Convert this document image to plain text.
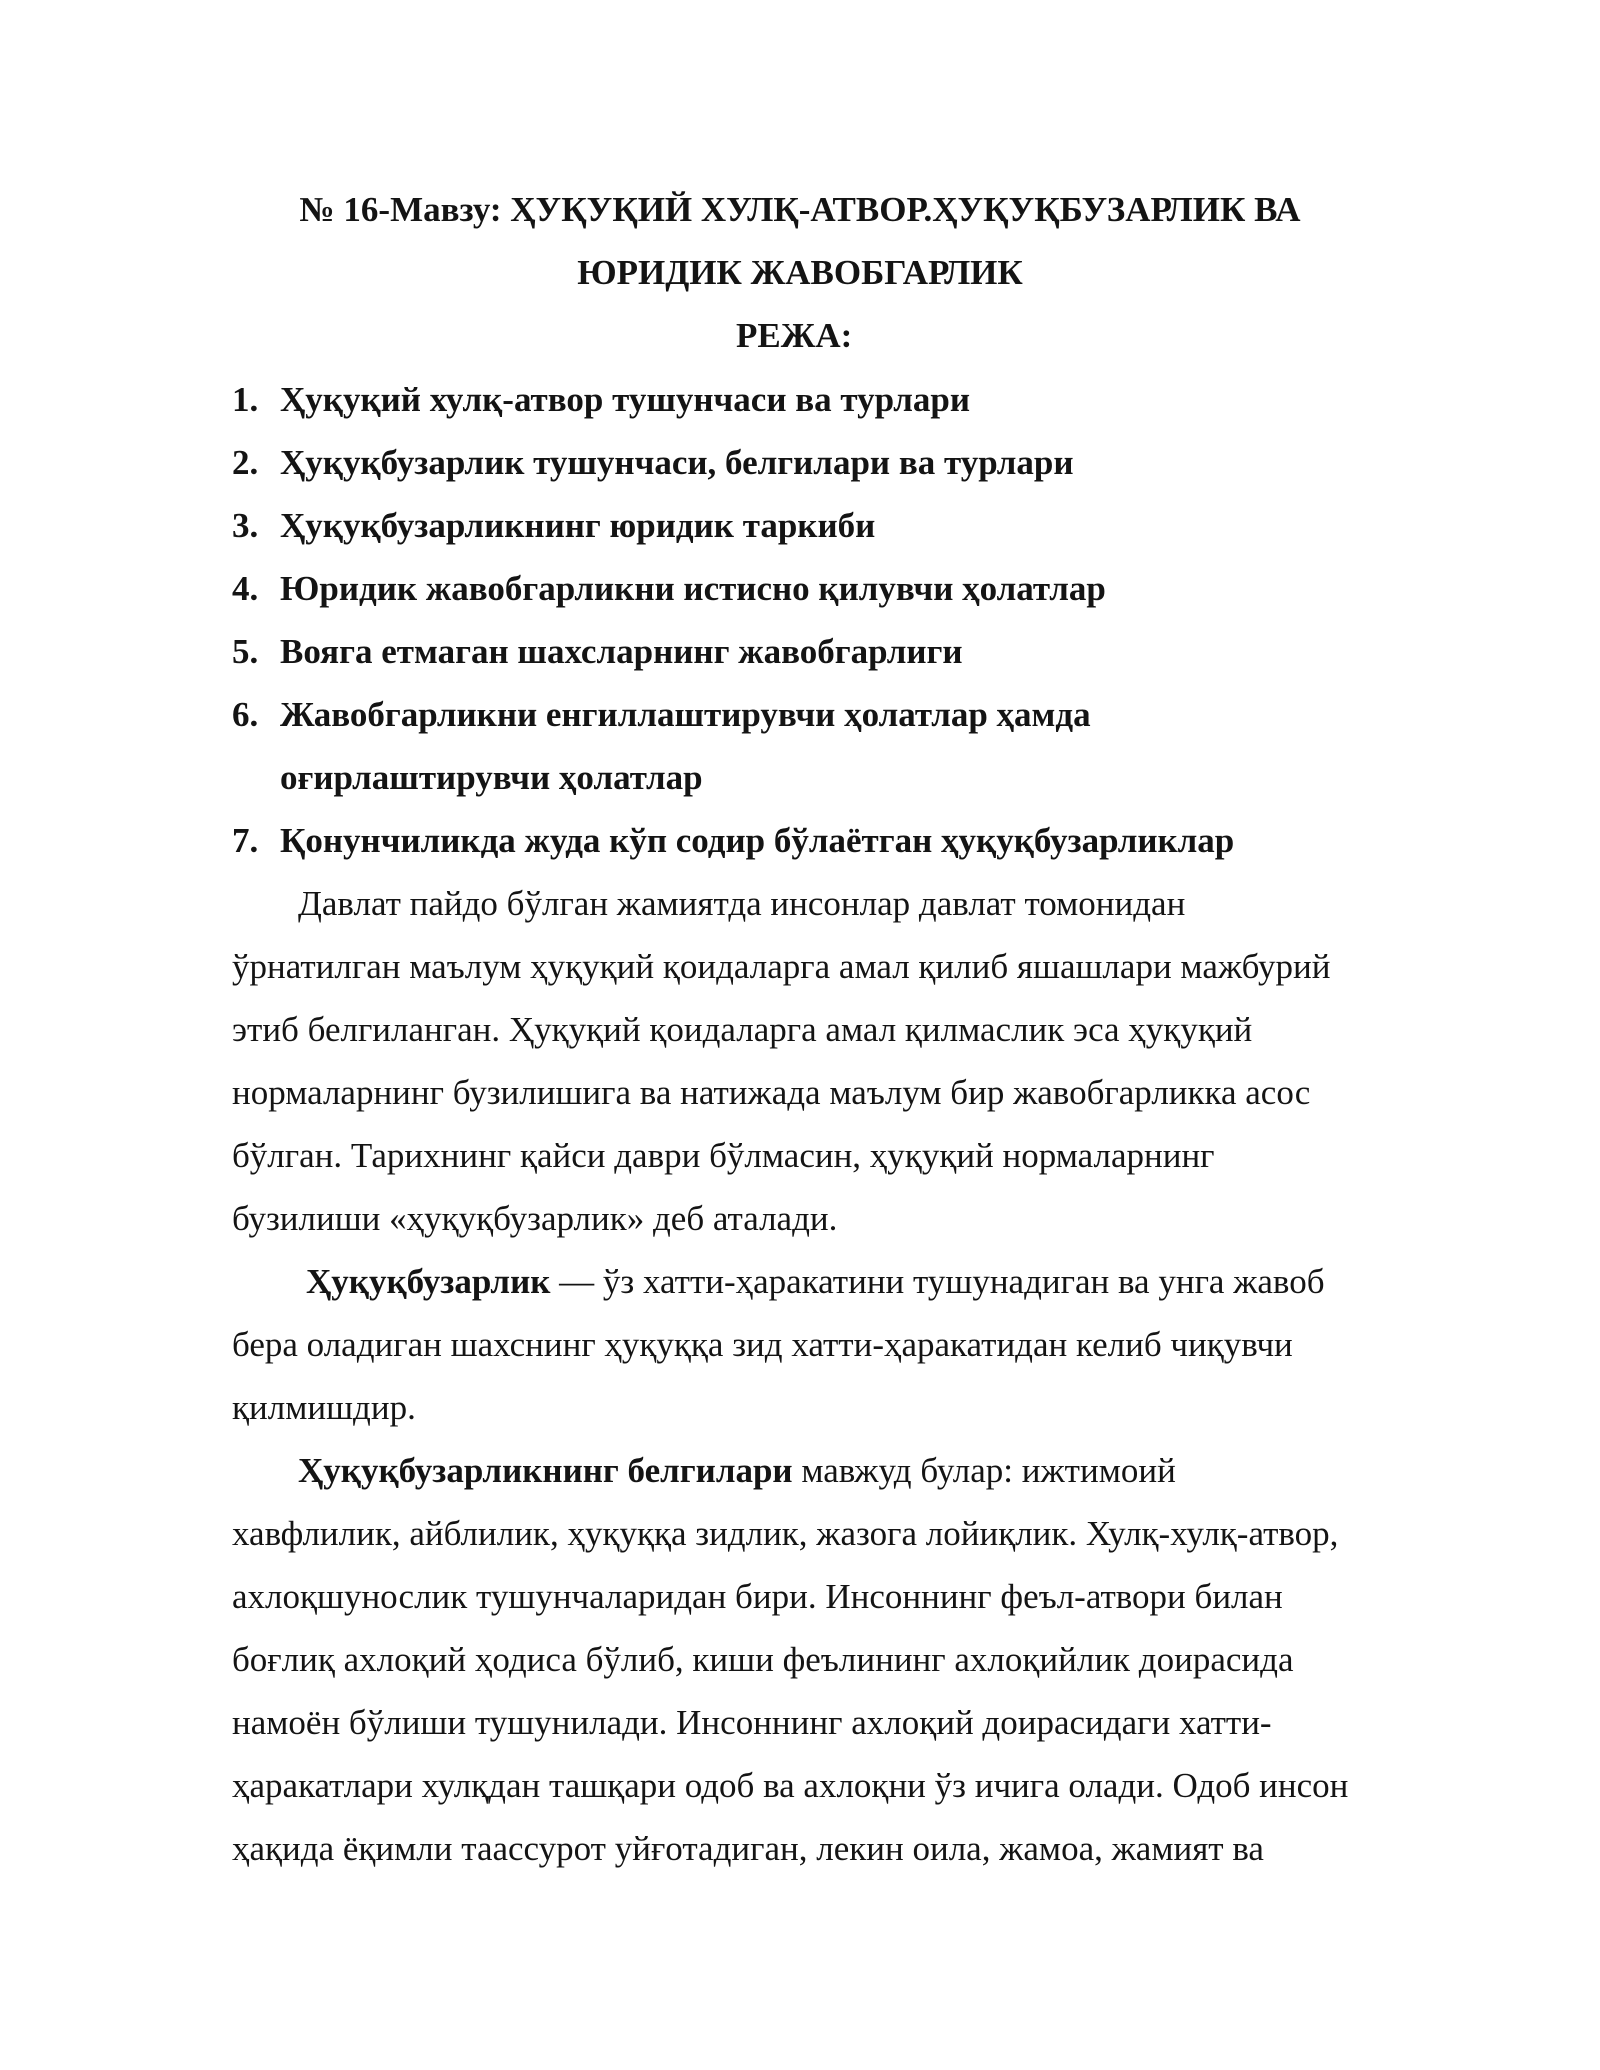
№ 16-Мавзу: ҲУҚУҚИЙ ХУЛҚ-АТВОР.ҲУҚУҚБУЗАРЛИК ВА
ЮРИДИК ЖАВОБГАРЛИК
РЕЖА:
1. Ҳуқуқий хулқ-атвор тушунчаси ва турлари
2. Ҳуқуқбузарлик тушунчаси, белгилари ва турлари
3. Ҳуқуқбузарликнинг юридик таркиби
4. Юридик жавобгарликни истисно қилувчи ҳолатлар
5. Вояга етмаган шахсларнинг жавобгарлиги
6. Жавобгарликни енгиллаштирувчи ҳолатлар ҳамда
оғирлаштирувчи ҳолатлар
7. Қонунчиликда жуда кўп содир бўлаётган ҳуқуқбузарликлар
Давлат пайдо бўлган жамиятда инсонлар давлат томонидан
ўрнатилган маълум ҳуқуқий қоидаларга амал қилиб яшашлари мажбурий
этиб белгиланган. Ҳуқуқий қоидаларга амал қилмаслик эса ҳуқуқий
нормаларнинг бузилишига ва натижада маълум бир жавобгарликка асос
бўлган. Тарихнинг қайси даври бўлмасин, ҳуқуқий нормаларнинг
бузилиши «ҳуқуқбузарлик» деб аталади.
Ҳуқуқбузарлик — ўз хатти-ҳаракатини тушунадиган ва унга жавоб
бера оладиган шахснинг ҳуқуққа зид хатти-ҳаракатидан келиб чиқувчи
қилмишдир.
Ҳуқуқбузарликнинг белгилари мавжуд булар: ижтимоий
хавфлилик, айблилик, ҳуқуққа зидлик, жазога лойиқлик. Хулқ-хулқ-атвор,
ахлоқшунослик тушунчаларидан бири. Инсоннинг феъл-атвори билан
боғлиқ ахлоқий ҳодиса бўлиб, киши феълининг ахлоқийлик доирасида
намоён бўлиши тушунилади. Инсоннинг ахлоқий доирасидаги хатти-
ҳаракатлари хулқдан ташқари одоб ва ахлоқни ўз ичига олади. Одоб инсон
ҳақида ёқимли таассурот уйғотадиган, лекин оила, жамоа, жамият ва
